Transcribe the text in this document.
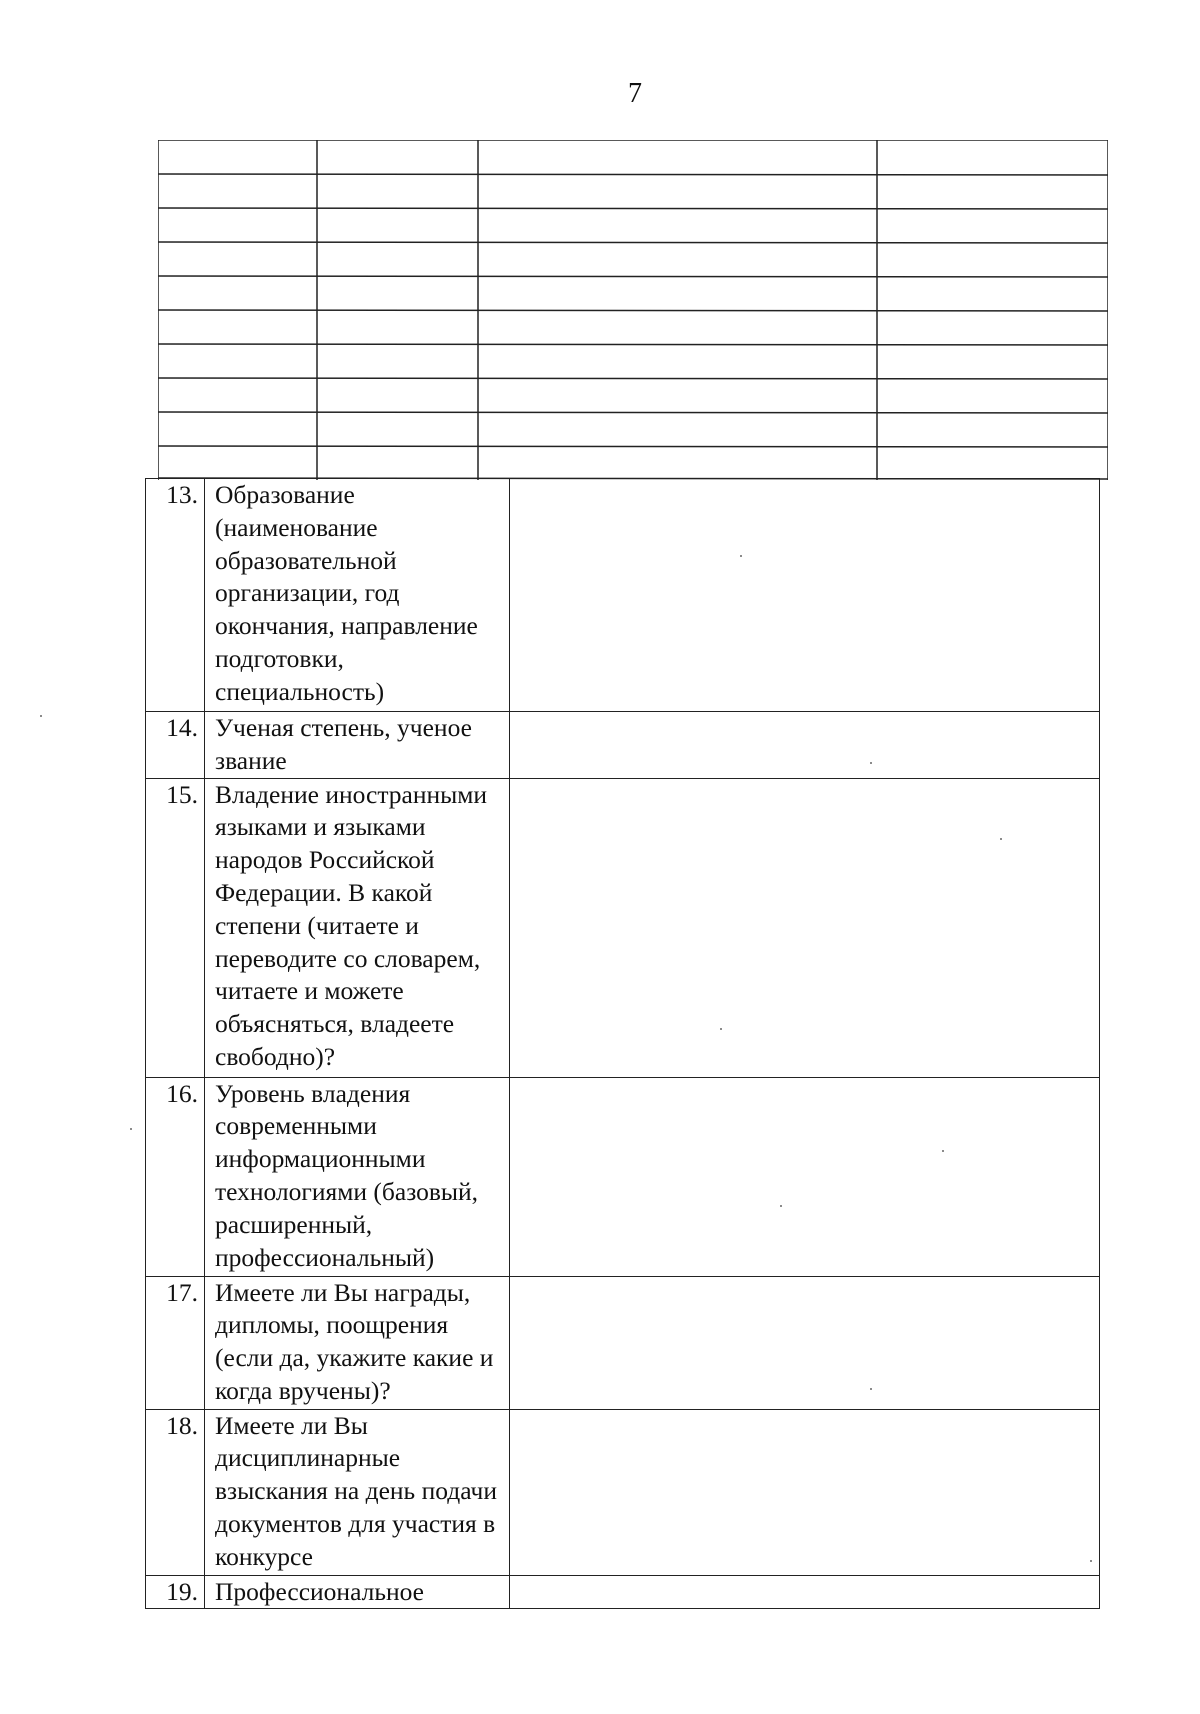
7
13.	Образование (наименование образовательной организации, год окончания, направление подготовки, специальность)	
14.	Ученая степень, ученое звание	
15.	Владение иностранными языками и языками народов Российской Федерации. В какой степени (читаете и переводите со словарем, читаете и можете объясняться, владеете свободно)?	
16.	Уровень владения современными информационными технологиями (базовый, расширенный, профессиональный)	
17.	Имеете ли Вы награды, дипломы, поощрения (если да, укажите какие и когда вручены)?	
18.	Имеете ли Вы дисциплинарные взыскания на день подачи документов для участия в конкурсе	
19.	Профессиональное	
